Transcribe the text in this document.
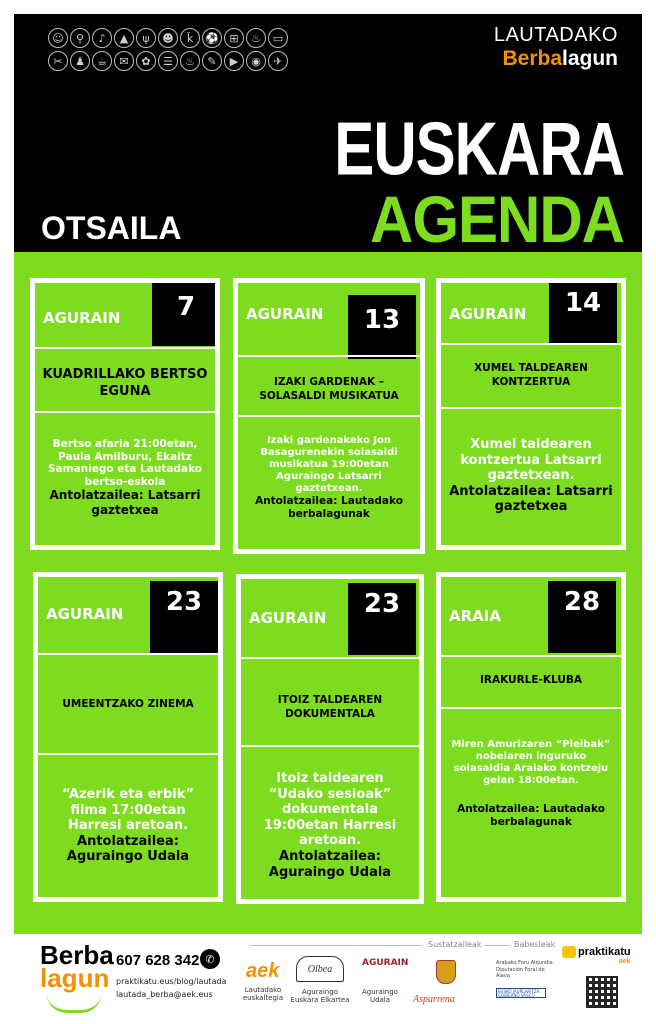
☺	⚲	♪	▲	ψ	☻	ǩ	⚽ ⊞	♨	▭
✂	♟	☕	✉	✿	☰	♨	✎	▶	◉	✈
LAUTADAKO
Berba lagun
EUSKARA
AGENDA
OTSAILA
AGURAIN	7
KUADRILLAKO BERTSO EGUNA
Bertso afaria 21:00etan, Paula Amilburu, Ekaitz Samaniego eta Lautadako bertso-eskola
Antolatzailea: Latsarri gaztetxea
AGURAIN	13
IZAKI GARDENAK – SOLASALDI MUSIKATUA
Izaki gardenakeko Jon Basagurenekin solasaldi musikatua 19:00etan Aguraingo Latsarri gaztetxean.
Antolatzailea: Lautadako berbalagunak
AGURAIN	14
XUMEL TALDEAREN KONTZERTUA
Xumel taldearen kontzertua Latsarri gaztetxean.
Antolatzailea: Latsarri gaztetxea
AGURAIN	23
UMEENTZAKO ZINEMA
“Azerik eta erbik” filma 17:00etan Harresi aretoan.
Antolatzailea: Aguraingo Udala
AGURAIN	23
ITOIZ TALDEAREN DOKUMENTALA
Itoiz taldearen “Udako sesioak” dokumentala 19:00etan Harresi aretoan.
Antolatzailea: Aguraingo Udala
ARAIA	28
IRAKURLE-KLUBA
Miren Amurizaren “Pleibak” nobelaren inguruko solasaldia Araiako kontzeju gelan 18:00etan.
Antolatzailea: Lautadako berbalagunak
Berba
lagun
607 628 342 ✆
praktikatu.eus/blog/lautada
lautada_berba@aek.eus
Sustatzaileak	Babesleak
aek
Lautadako euskaltegia
Olbea
Aguraingo Euskara Elkartea
AGURAIN
Aguraingo Udala	Asparrena
Arabako Foru Aldundia Diputación Foral de Álava
EUSKO JAURLARITZA GOBIERNO VASCO
praktikatu
aek
